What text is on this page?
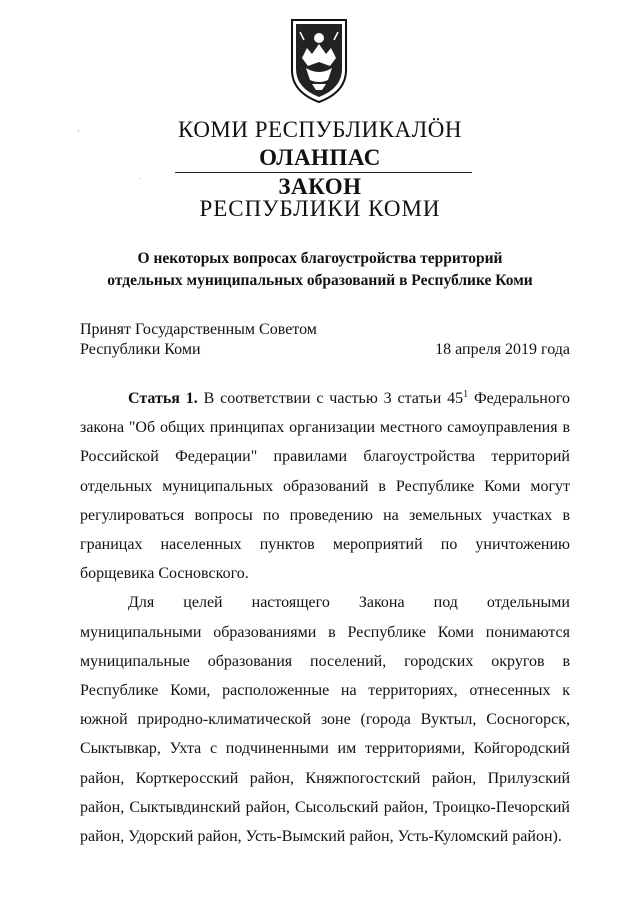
КОМИ РЕСПУБЛИКАЛÖН
ОЛАНПАС
ЗАКОН
РЕСПУБЛИКИ КОМИ
О некоторых вопросах благоустройства территорий
отдельных муниципальных образований в Республике Коми
Принят Государственным Советом
Республики Коми	18 апреля 2019 года

Статья 1. В соответствии с частью 3 статьи $45^1$ Федерального закона "Об общих принципах организации местного самоуправления в Российской Федерации" правилами благоустройства территорий отдельных муниципальных образований в Республике Коми могут регулироваться вопросы по проведению на земельных участках в границах населенных пунктов мероприятий по уничтожению борщевика Сосновского.

Для целей настоящего Закона под отдельными муниципальными образованиями в Республике Коми понимаются муниципальные образования поселений, городских округов в Республике Коми, расположенные на территориях, отнесенных к южной природно-климатической зоне (города Вуктыл, Сосногорск, Сыктывкар, Ухта с подчиненными им территориями, Койгородский район, Корткеросский район, Княжпогостский район, Прилузский район, Сыктывдинский район, Сысольский район, Троицко-Печорский район, Удорский район, Усть-Вымский район, Усть-Куломский район).
